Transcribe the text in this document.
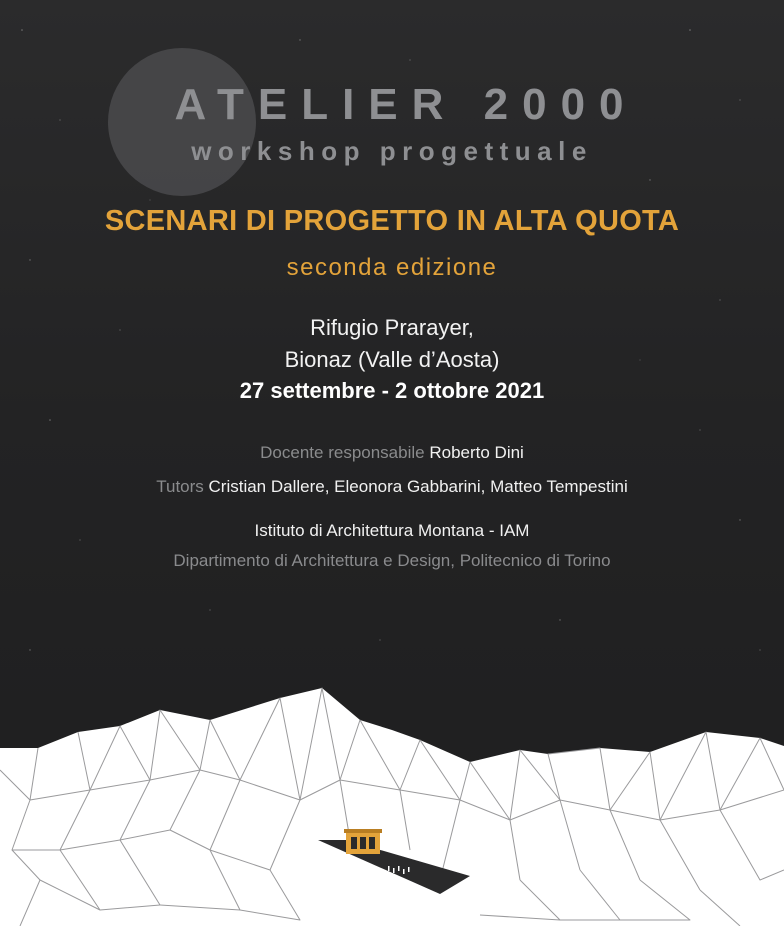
ATELIER 2000
workshop progettuale
SCENARI DI PROGETTO IN ALTA QUOTA
seconda edizione
Rifugio Prarayer,
Bionaz (Valle d’Aosta)
27 settembre - 2 ottobre 2021
Docente responsabile Roberto Dini
Tutors Cristian Dallere, Eleonora Gabbarini, Matteo Tempestini
Istituto di Architettura Montana - IAM
Dipartimento di Architettura e Design, Politecnico di Torino
